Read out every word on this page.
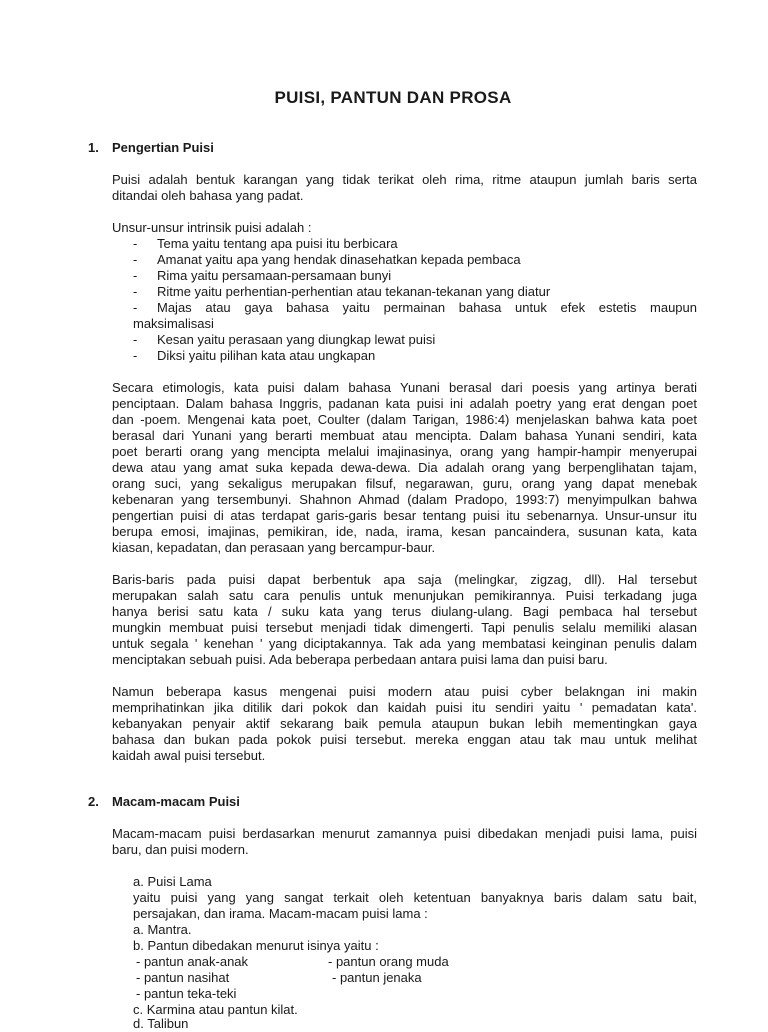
PUISI, PANTUN DAN PROSA
1. Pengertian Puisi
Puisi adalah bentuk karangan yang tidak terikat oleh rima, ritme ataupun jumlah baris serta
ditandai oleh bahasa yang padat.
Unsur-unsur intrinsik puisi adalah :
- Tema yaitu tentang apa puisi itu berbicara
- Amanat yaitu apa yang hendak dinasehatkan kepada pembaca
- Rima yaitu persamaan-persamaan bunyi
- Ritme yaitu perhentian-perhentian atau tekanan-tekanan yang diatur
- Majas atau gaya bahasa yaitu permainan bahasa untuk efek estetis maupun
maksimalisasi
- Kesan yaitu perasaan yang diungkap lewat puisi
- Diksi yaitu pilihan kata atau ungkapan
Secara etimologis, kata puisi dalam bahasa Yunani berasal dari poesis yang artinya berati
penciptaan. Dalam bahasa Inggris, padanan kata puisi ini adalah poetry yang erat dengan poet
dan -poem. Mengenai kata poet, Coulter (dalam Tarigan, 1986:4) menjelaskan bahwa kata poet
berasal dari Yunani yang berarti membuat atau mencipta. Dalam bahasa Yunani sendiri, kata
poet berarti orang yang mencipta melalui imajinasinya, orang yang hampir-hampir menyerupai
dewa atau yang amat suka kepada dewa-dewa. Dia adalah orang yang berpenglihatan tajam,
orang suci, yang sekaligus merupakan filsuf, negarawan, guru, orang yang dapat menebak
kebenaran yang tersembunyi. Shahnon Ahmad (dalam Pradopo, 1993:7) menyimpulkan bahwa
pengertian puisi di atas terdapat garis-garis besar tentang puisi itu sebenarnya. Unsur-unsur itu
berupa emosi, imajinas, pemikiran, ide, nada, irama, kesan pancaindera, susunan kata, kata
kiasan, kepadatan, dan perasaan yang bercampur-baur.
Baris-baris pada puisi dapat berbentuk apa saja (melingkar, zigzag, dll). Hal tersebut
merupakan salah satu cara penulis untuk menunjukan pemikirannya. Puisi terkadang juga
hanya berisi satu kata / suku kata yang terus diulang-ulang. Bagi pembaca hal tersebut
mungkin membuat puisi tersebut menjadi tidak dimengerti. Tapi penulis selalu memiliki alasan
untuk segala ' kenehan ' yang diciptakannya. Tak ada yang membatasi keinginan penulis dalam
menciptakan sebuah puisi. Ada beberapa perbedaan antara puisi lama dan puisi baru.
Namun beberapa kasus mengenai puisi modern atau puisi cyber belakngan ini makin
memprihatinkan jika ditilik dari pokok dan kaidah puisi itu sendiri yaitu ' pemadatan kata'.
kebanyakan penyair aktif sekarang baik pemula ataupun bukan lebih mementingkan gaya
bahasa dan bukan pada pokok puisi tersebut. mereka enggan atau tak mau untuk melihat
kaidah awal puisi tersebut.
2. Macam-macam Puisi
Macam-macam puisi berdasarkan menurut zamannya puisi dibedakan menjadi puisi lama, puisi
baru, dan puisi modern.
a. Puisi Lama
yaitu puisi yang yang sangat terkait oleh ketentuan banyaknya baris dalam satu bait,
persajakan, dan irama. Macam-macam puisi lama :
a. Mantra.
b. Pantun dibedakan menurut isinya yaitu :
- pantun anak-anak	- pantun orang muda
- pantun nasihat	- pantun jenaka
- pantun teka-teki
c. Karmina atau pantun kilat.
d. Talibun
